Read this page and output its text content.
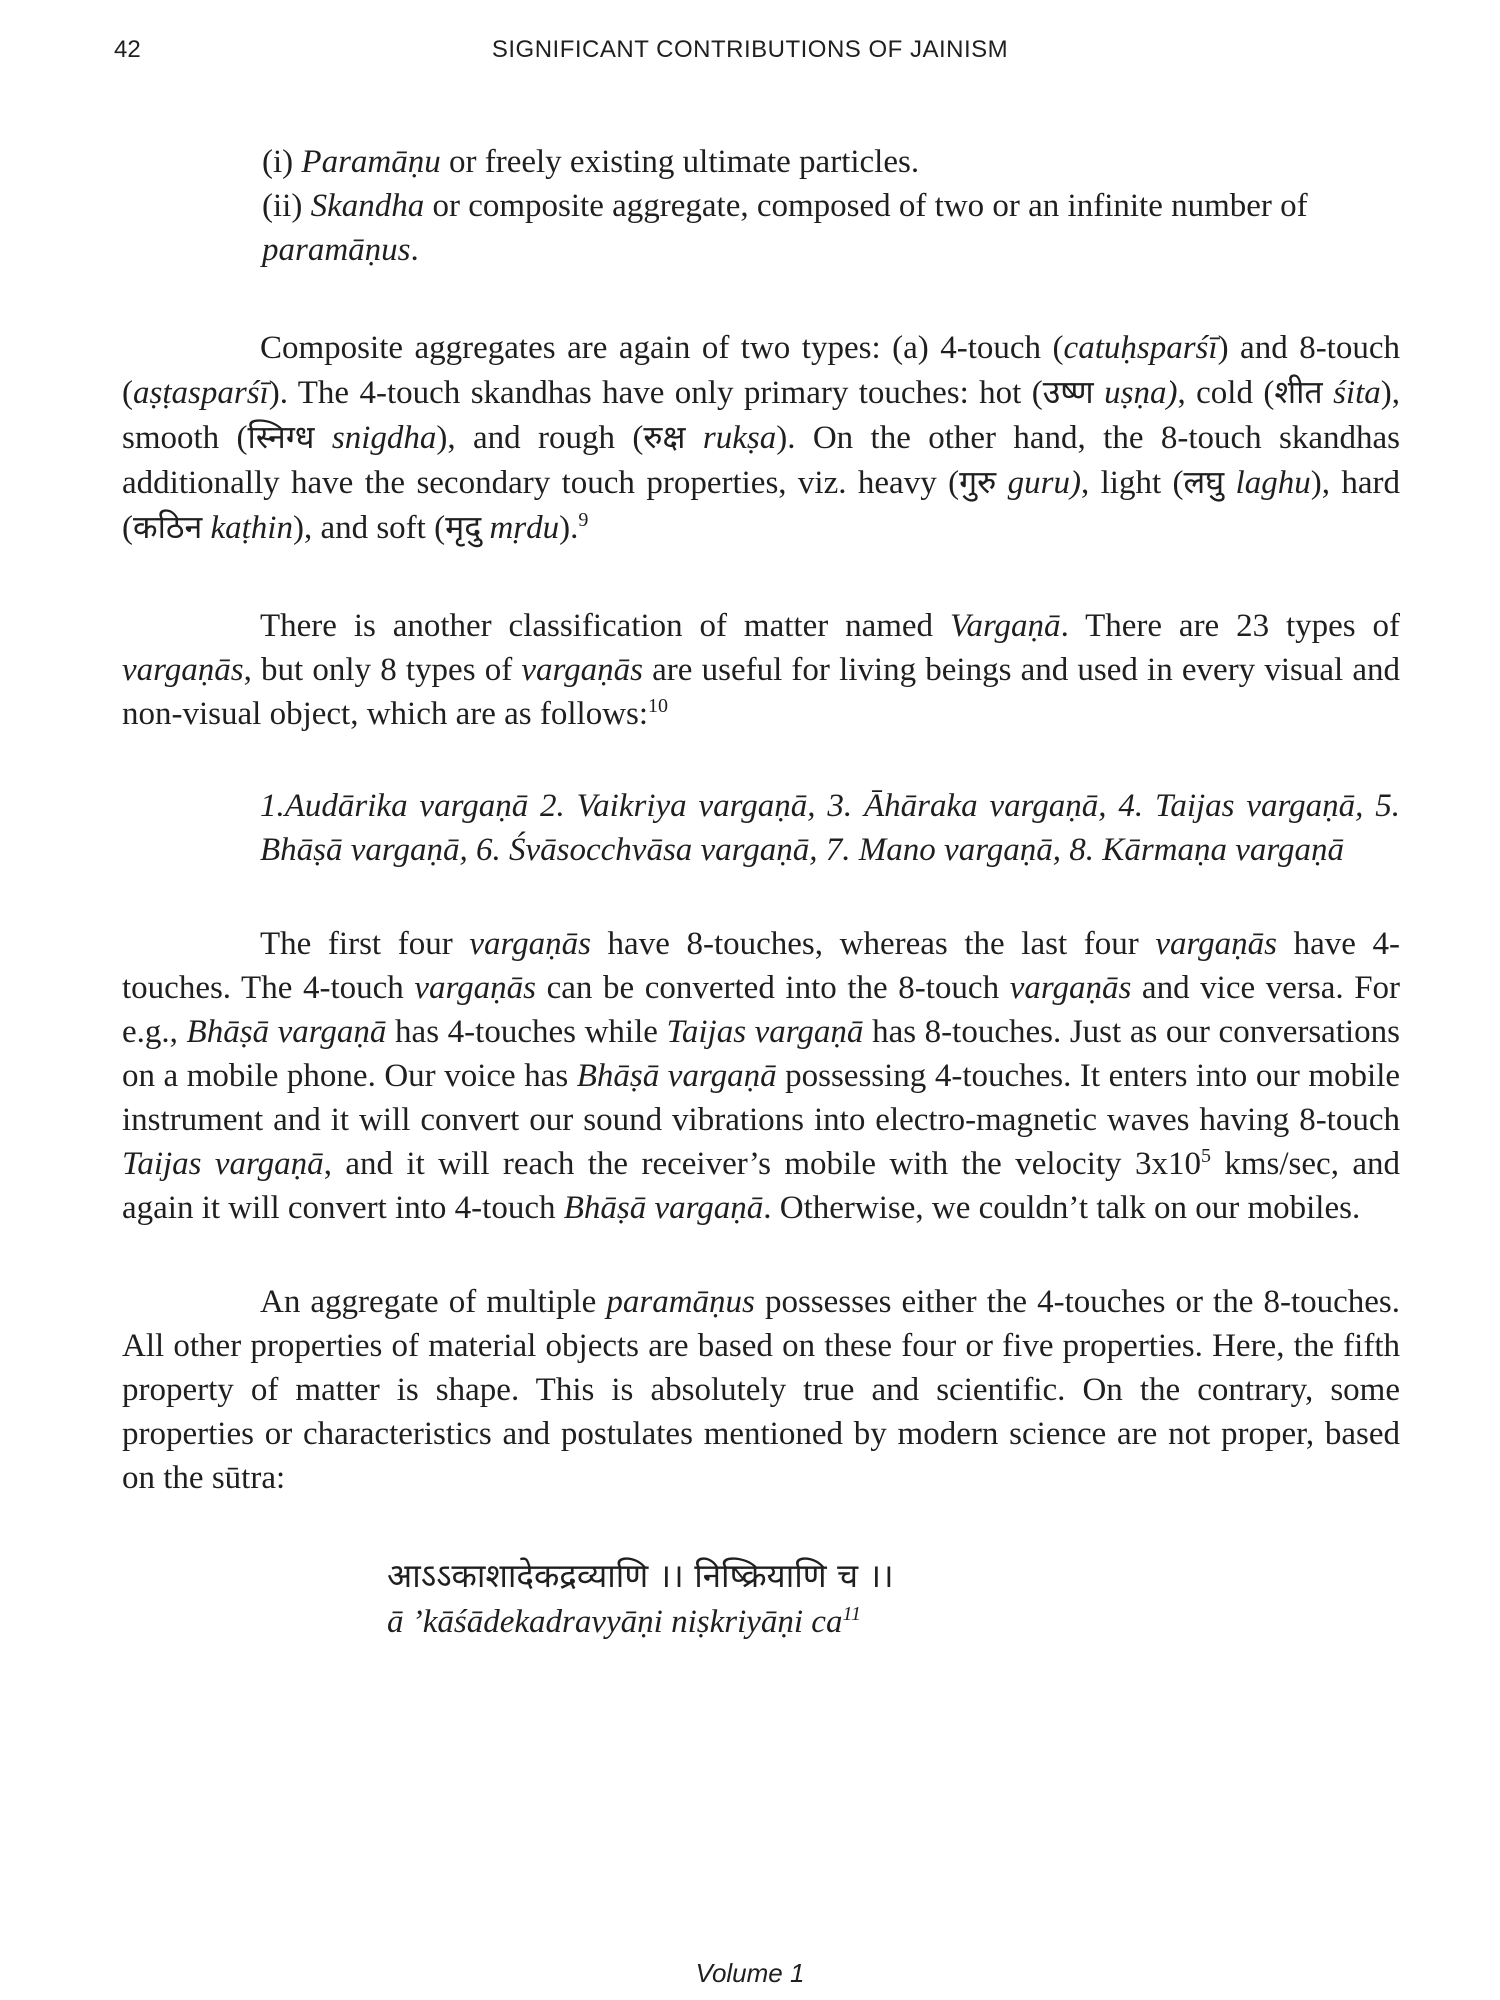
42	SIGNIFICANT CONTRIBUTIONS OF JAINISM

(i) Paramāṇu or freely existing ultimate particles.

(ii) Skandha or composite aggregate, composed of two or an infinite number of paramāṇus.

Composite aggregates are again of two types: (a) 4-touch (catuḥsparśī) and 8-touch (aṣṭasparśī). The 4-touch skandhas have only primary touches: hot (उष्ण uṣṇa), cold (शीत śita), smooth (स्निग्ध snigdha), and rough (रुक्ष rukṣa). On the other hand, the 8-touch skandhas additionally have the secondary touch properties, viz. heavy (गुरु guru), light (लघु laghu), hard (कठिन kaṭhin), and soft (मृदु mṛdu).$^9$

There is another classification of matter named Vargaṇā. There are 23 types of vargaṇās, but only 8 types of vargaṇās are useful for living beings and used in every visual and non-visual object, which are as follows:$^{10}$

1.Audārika vargaṇā 2. Vaikriya vargaṇā, 3. Āhāraka vargaṇā, 4. Taijas vargaṇā, 5. Bhāṣā vargaṇā, 6. Śvāsocchvāsa vargaṇā, 7. Mano vargaṇā, 8. Kārmaṇa vargaṇā

The first four vargaṇās have 8-touches, whereas the last four vargaṇās have 4-touches. The 4-touch vargaṇās can be converted into the 8-touch vargaṇās and vice versa. For e.g., Bhāṣā vargaṇā has 4-touches while Taijas vargaṇā has 8-touches. Just as our conversations on a mobile phone. Our voice has Bhāṣā vargaṇā possessing 4-touches. It enters into our mobile instrument and it will convert our sound vibrations into electro-magnetic waves having 8-touch Taijas vargaṇā, and it will reach the receiver’s mobile with the velocity $3x10^5$ kms/sec, and again it will convert into 4-touch Bhāṣā vargaṇā. Otherwise, we couldn’t talk on our mobiles.

An aggregate of multiple paramāṇus possesses either the 4-touches or the 8-touches. All other properties of material objects are based on these four or five properties. Here, the fifth property of matter is shape. This is absolutely true and scientific. On the contrary, some properties or characteristics and postulates mentioned by modern science are not proper, based on the sūtra:

आऽऽकाशादेकद्रव्याणि ।। निष्क्रियाणि च ।।
ā ’kāśādekadravyāṇi niṣkriyāṇi $ca^{11}$
Volume 1
